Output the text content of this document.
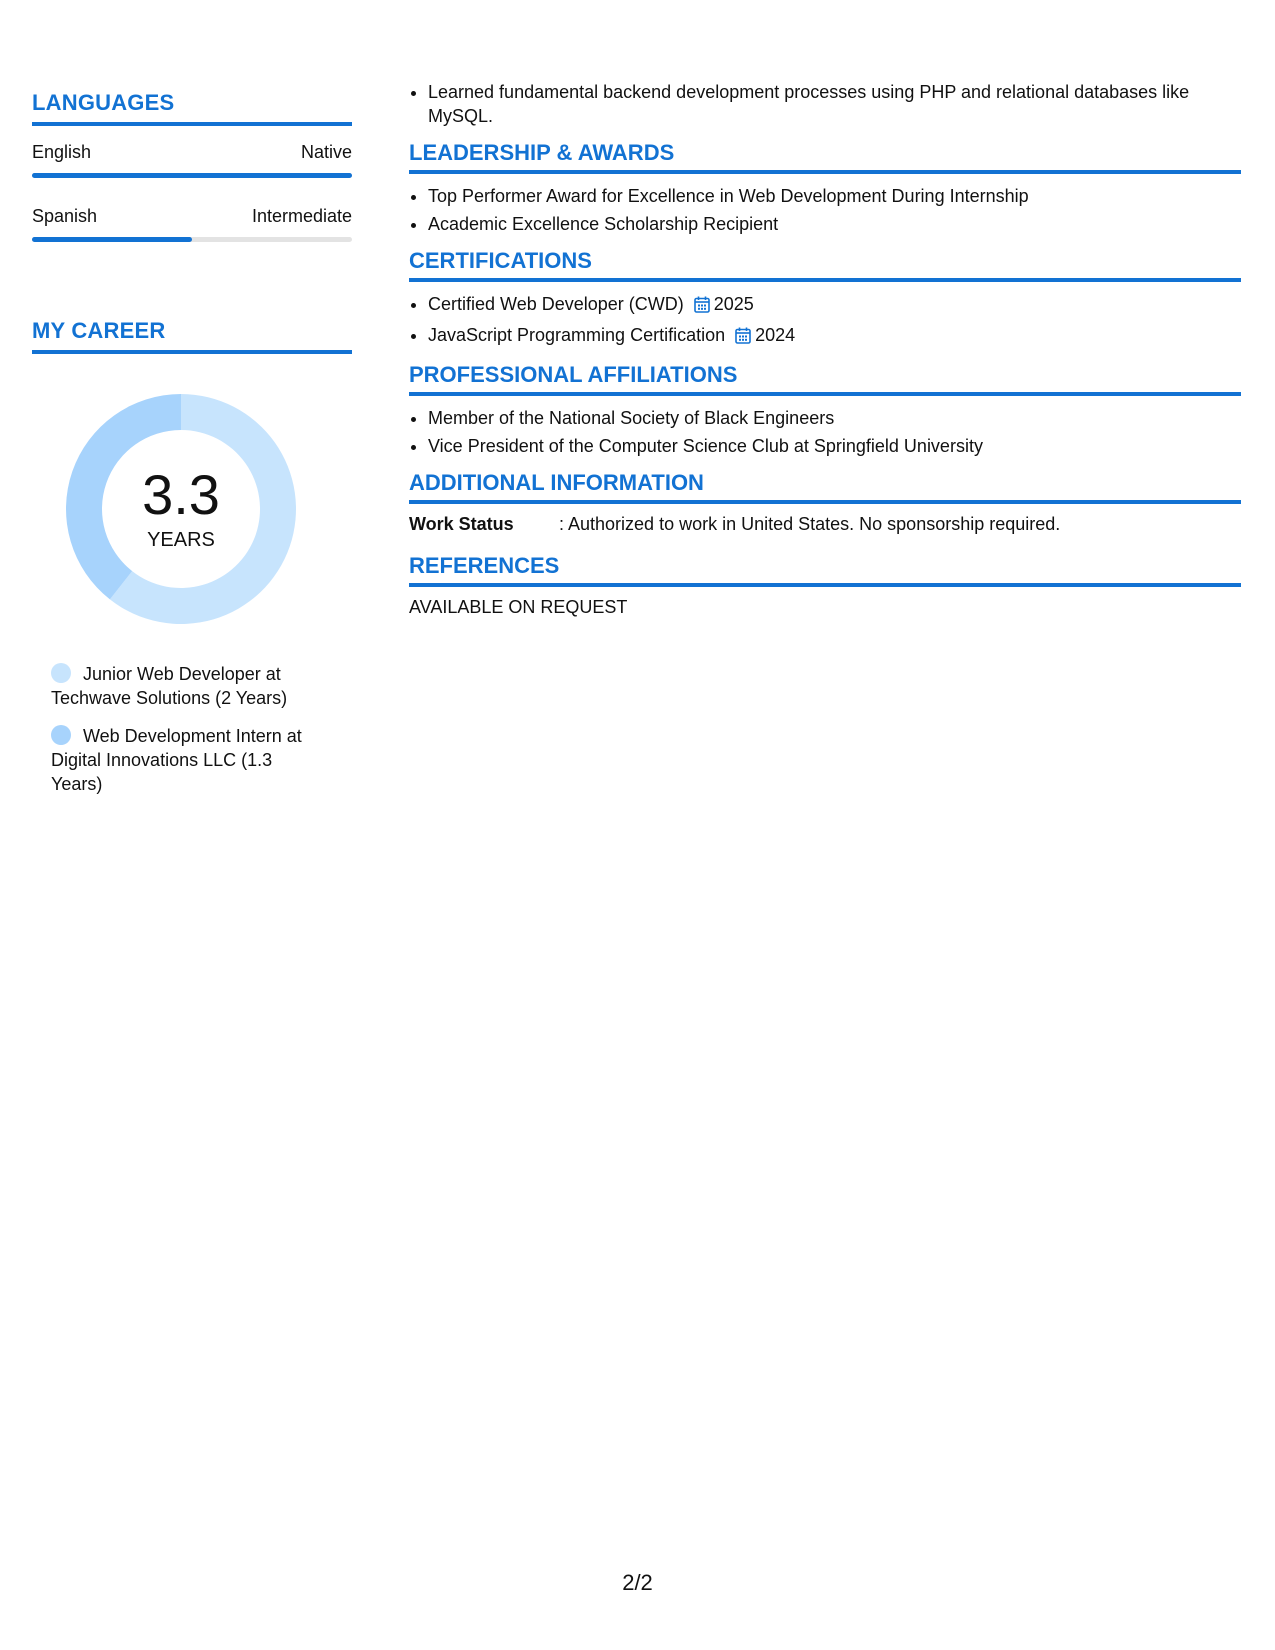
LANGUAGES
English	Native
Spanish	Intermediate
MY CAREER
3.3
YEARS
Junior Web Developer at Techwave Solutions (2 Years)
Web Development Intern at Digital Innovations LLC (1.3 Years)
• Learned fundamental backend development processes using PHP and relational databases like MySQL.
LEADERSHIP & AWARDS
• Top Performer Award for Excellence in Web Development During Internship
• Academic Excellence Scholarship Recipient
CERTIFICATIONS
• Certified Web Developer (CWD) 2025
• JavaScript Programming Certification 2024
PROFESSIONAL AFFILIATIONS
• Member of the National Society of Black Engineers
• Vice President of the Computer Science Club at Springfield University
ADDITIONAL INFORMATION
Work Status	: Authorized to work in United States. No sponsorship required.
REFERENCES
AVAILABLE ON REQUEST
2/2
